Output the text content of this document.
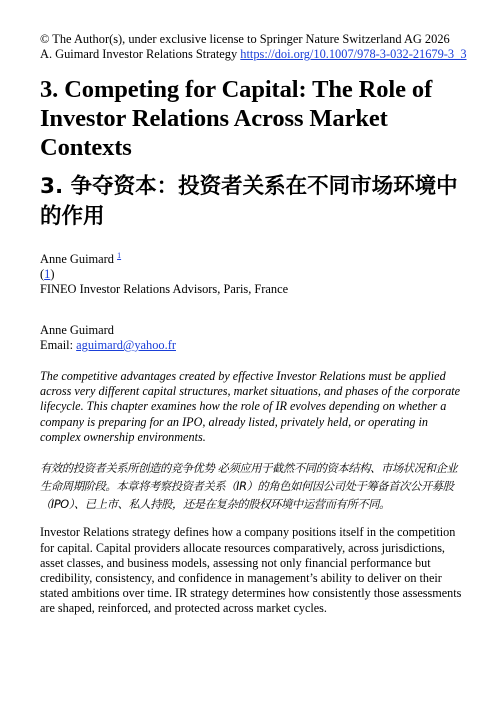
© The Author(s), under exclusive license to Springer Nature Switzerland AG 2026
A. Guimard Investor Relations Strategy https://doi.org/10.1007/978-3-032-21679-3_3
3. Competing for Capital: The Role of Investor Relations Across Market Contexts
3. 争夺资本：投资者关系在不同市场环境中的作用
Anne Guimard $^1$
(1)
FINEO Investor Relations Advisors, Paris, France
Anne Guimard
Email: aguimard@yahoo.fr

The competitive advantages created by effective Investor Relations must be applied across very different capital structures, market situations, and phases of the corporate lifecycle. This chapter examines how the role of IR evolves depending on whether a company is preparing for an IPO, already listed, privately held, or operating in complex ownership environments.

有效的投资者关系所创造的竞争优势 必须应用于截然不同的资本结构、市场状况和企业生命周期阶段。本章将考察投资者关系（IR）的角色如何因公司处于筹备首次公开募股（IPO）、已上市、私人持股，还是在复杂的股权环境中运营而有所不同。

Investor Relations strategy defines how a company positions itself in the competition for capital. Capital providers allocate resources comparatively, across jurisdictions, asset classes, and business models, assessing not only financial performance but credibility, consistency, and confidence in management’s ability to deliver on their stated ambitions over time. IR strategy determines how consistently those assessments are shaped, reinforced, and protected across market cycles.
